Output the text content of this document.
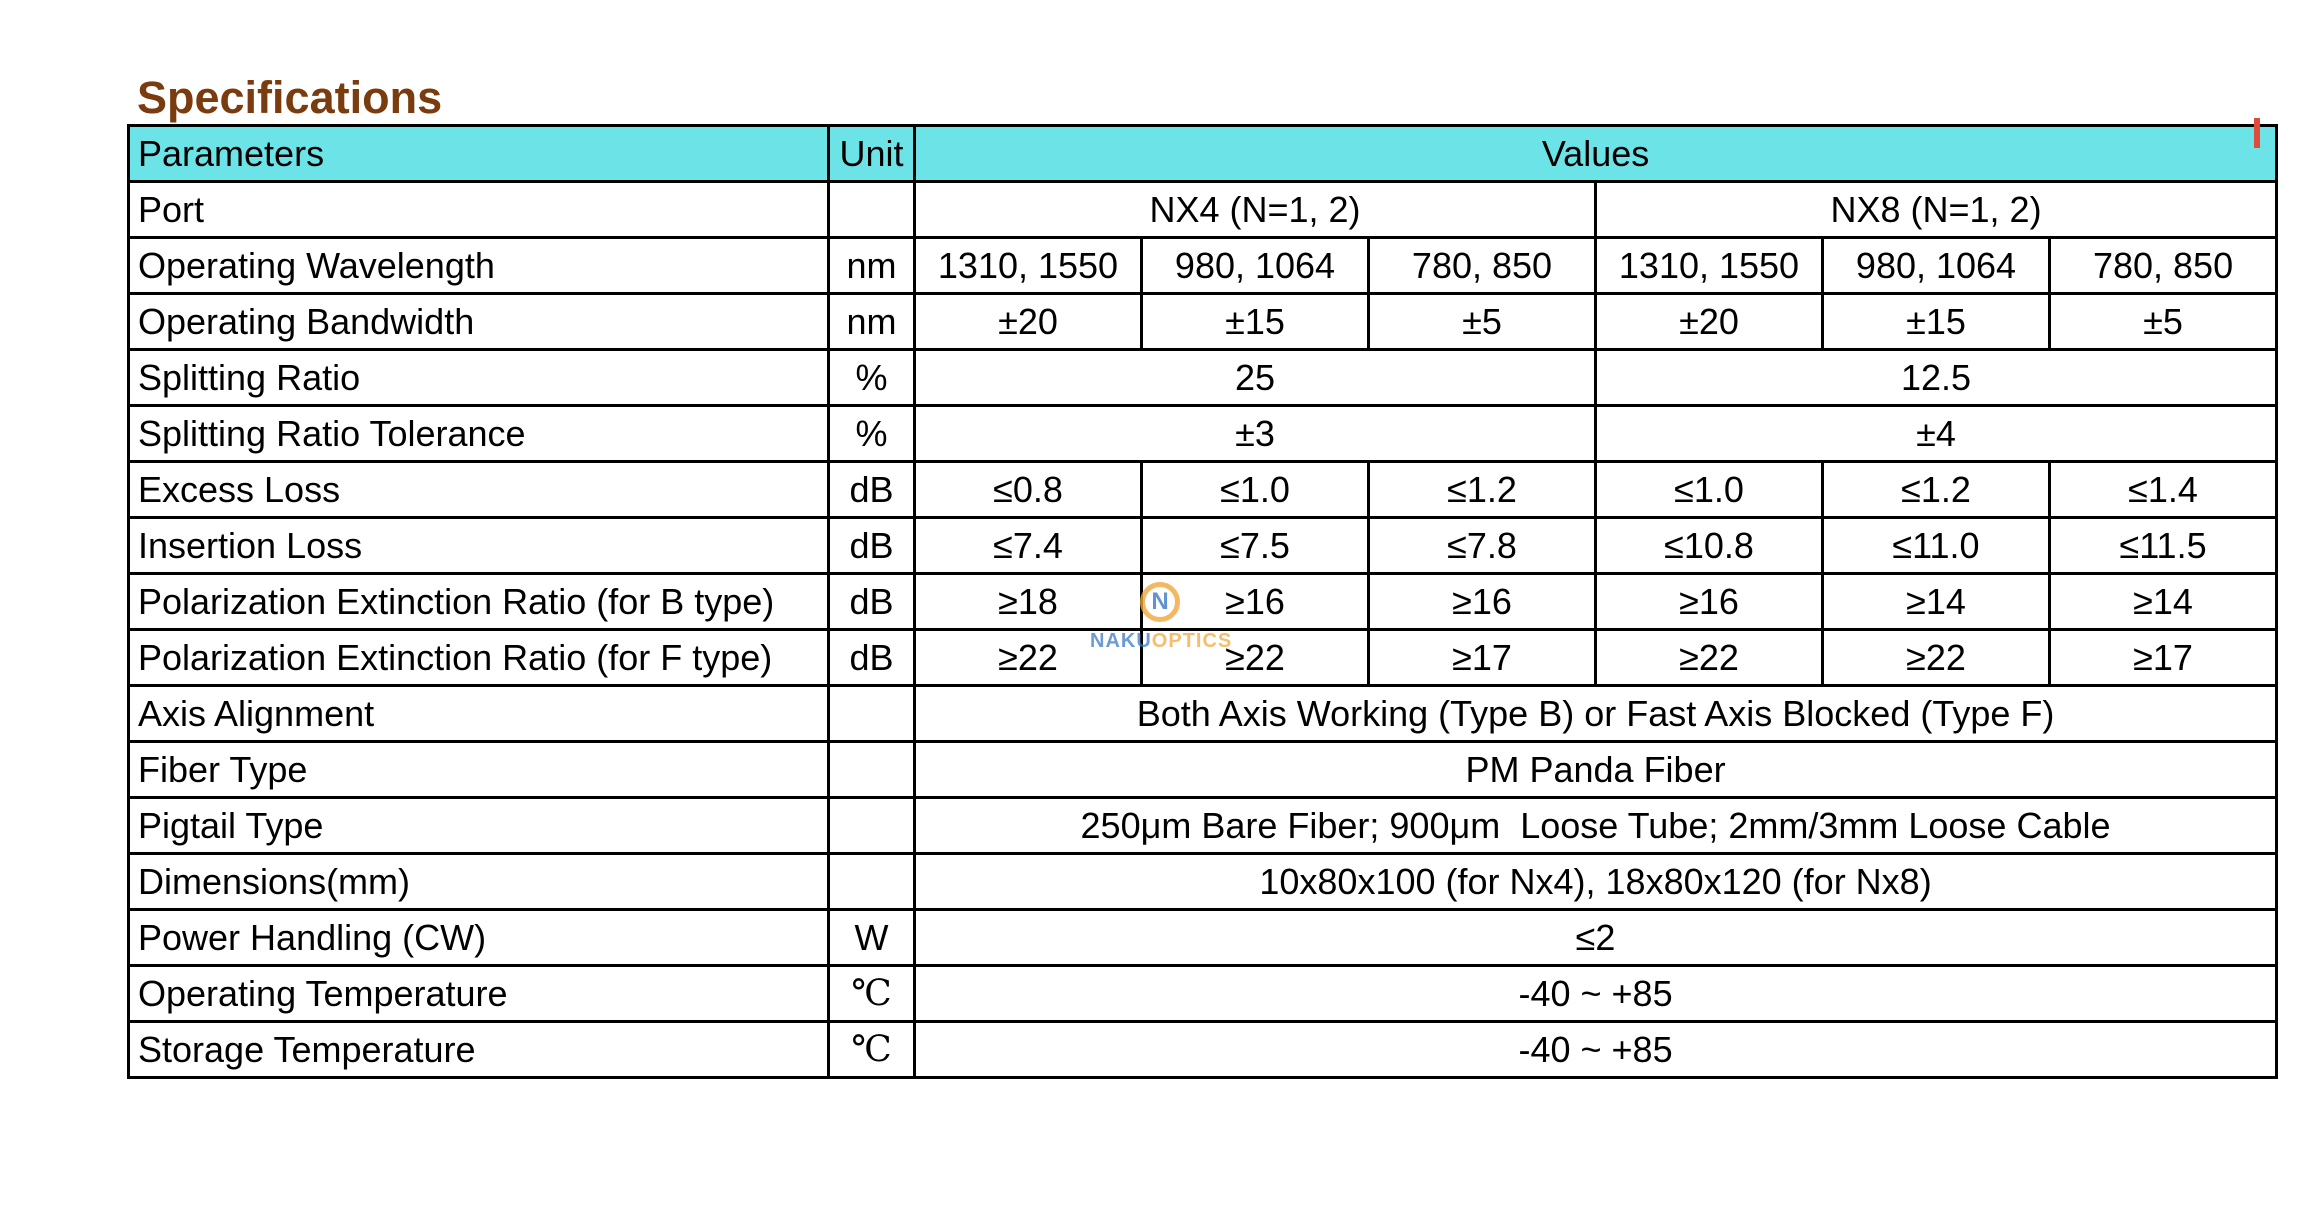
Specifications
Parameters	Unit	Values					
Port		NX4 (N=1, 2)			NX8 (N=1, 2)		
Operating Wavelength	nm	1310, 1550	980, 1064	780, 850	1310, 1550	980, 1064	780, 850
Operating Bandwidth	nm	±20	±15	±5	±20	±15	±5
Splitting Ratio	%	25			12.5		
Splitting Ratio Tolerance	%	±3			±4		
Excess Loss	dB	≤0.8	≤1.0	≤1.2	≤1.0	≤1.2	≤1.4
Insertion Loss	dB	≤7.4	≤7.5	≤7.8	≤10.8	≤11.0	≤11.5
Polarization Extinction Ratio (for B type)	dB	≥18	≥16	≥16	≥16	≥14	≥14
Polarization Extinction Ratio (for F type)	dB	≥22	≥22	≥17	≥22	≥22	≥17
Axis Alignment		Both Axis Working (Type B) or Fast Axis Blocked (Type F)					
Fiber Type		PM Panda Fiber					
Pigtail Type		250μm Bare Fiber; 900μm  Loose Tube; 2mm/3mm Loose Cable					
Dimensions(mm)		10x80x100 (for Nx4), 18x80x120 (for Nx8)					
Power Handling (CW)	W	≤2					
Operating Temperature	℃	-40 ~ +85					
Storage Temperature	℃	-40 ~ +85					
N
NAKUOPTICS
